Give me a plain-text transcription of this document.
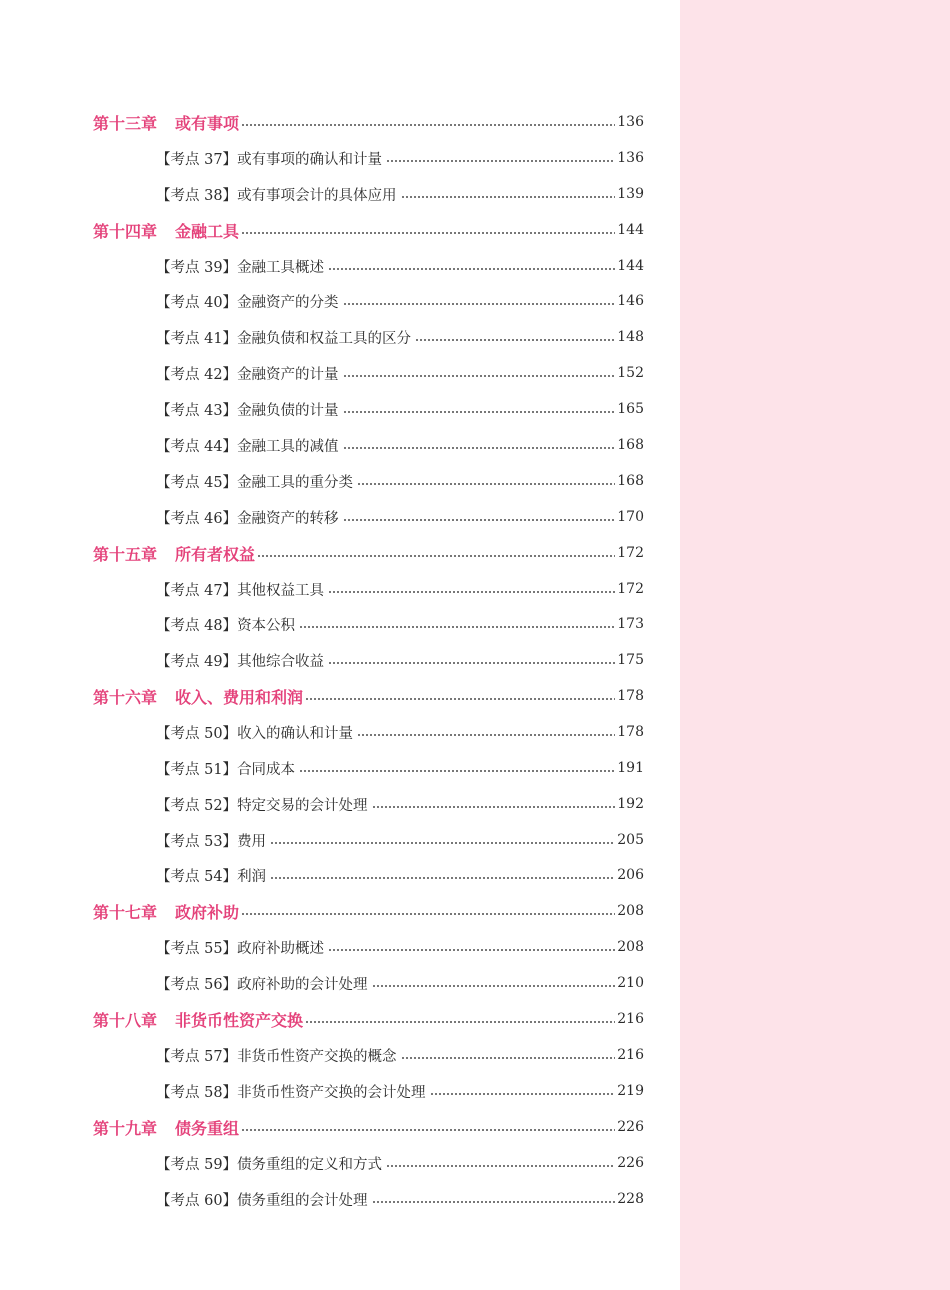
第十三章 或有事项	136
【考点 37】或有事项的确认和计量	136
【考点 38】或有事项会计的具体应用	139
第十四章 金融工具	144
【考点 39】金融工具概述	144
【考点 40】金融资产的分类	146
【考点 41】金融负债和权益工具的区分	148
【考点 42】金融资产的计量	152
【考点 43】金融负债的计量	165
【考点 44】金融工具的减值	168
【考点 45】金融工具的重分类	168
【考点 46】金融资产的转移	170
第十五章 所有者权益	172
【考点 47】其他权益工具	172
【考点 48】资本公积	173
【考点 49】其他综合收益	175
第十六章 收入、费用和利润	178
【考点 50】收入的确认和计量	178
【考点 51】合同成本	191
【考点 52】特定交易的会计处理	192
【考点 53】费用	205
【考点 54】利润	206
第十七章 政府补助	208
【考点 55】政府补助概述	208
【考点 56】政府补助的会计处理	210
第十八章 非货币性资产交换	216
【考点 57】非货币性资产交换的概念	216
【考点 58】非货币性资产交换的会计处理	219
第十九章 债务重组	226
【考点 59】债务重组的定义和方式	226
【考点 60】债务重组的会计处理	228
